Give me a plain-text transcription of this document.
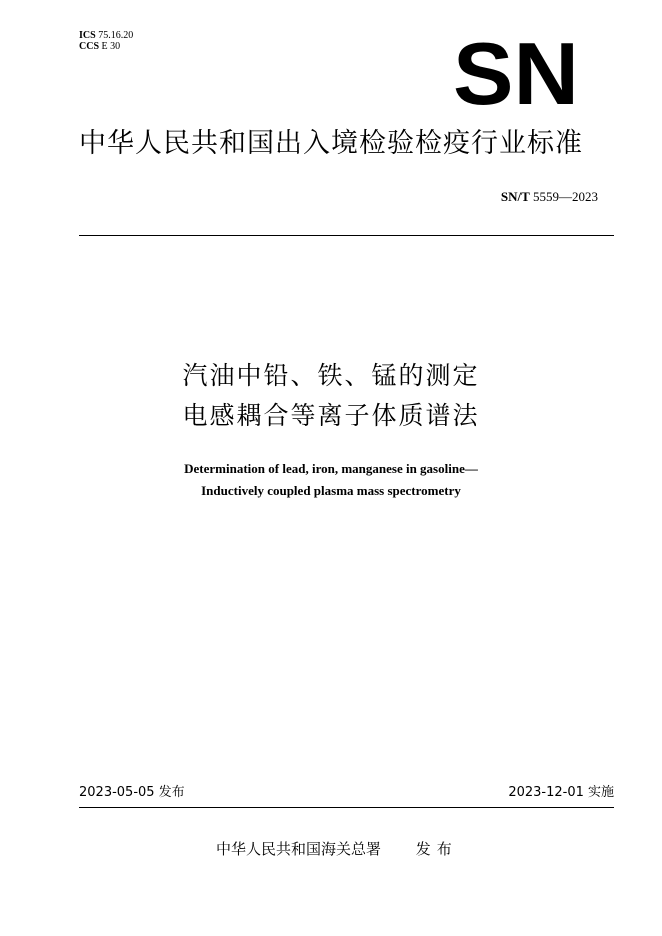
ICS 75.16.20
CCS E 30	SN
中华人民共和国出入境检验检疫行业标准
SN/T 5559—2023
汽油中铅、铁、锰的测定
电感耦合等离子体质谱法
Determination of lead, iron, manganese in gasoline—
Inductively coupled plasma mass spectrometry
2023-05-05 发布	2023-12-01 实施
中华人民共和国海关总署 发布
